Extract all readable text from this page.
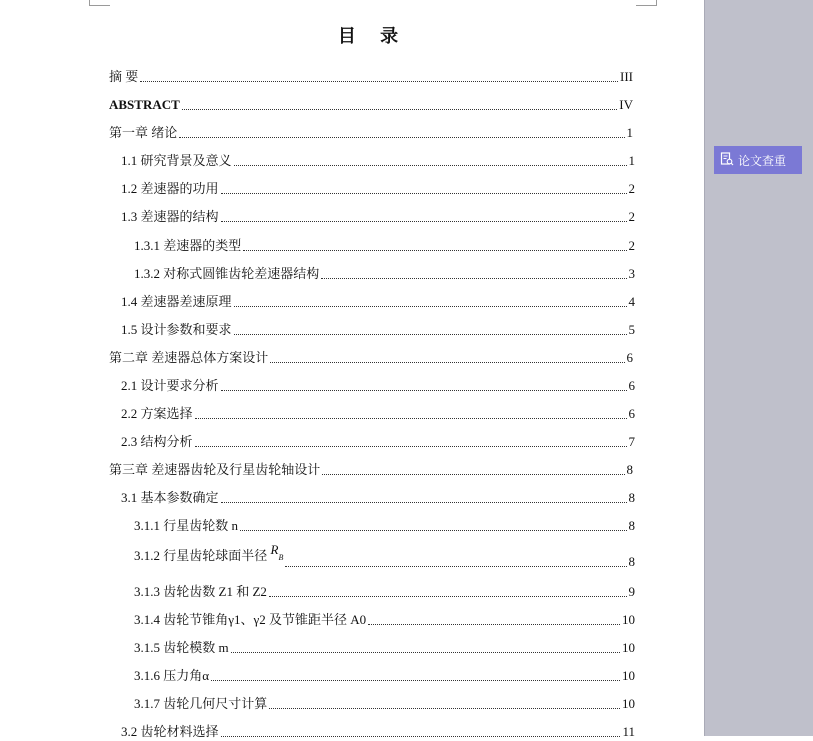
目 录
摘 要	III
ABSTRACT	IV
第一章 绪论	1
1.1 研究背景及意义	1
1.2 差速器的功用	2
1.3 差速器的结构	2
1.3.1 差速器的类型	2
1.3.2 对称式圆锥齿轮差速器结构	3
1.4 差速器差速原理	4
1.5 设计参数和要求	5
第二章 差速器总体方案设计	6
2.1 设计要求分析	6
2.2 方案选择	6
2.3 结构分析	7
第三章 差速器齿轮及行星齿轮轴设计	8
3.1 基本参数确定	8
3.1.1 行星齿轮数 n	8
3.1.2 行星齿轮球面半径 $R_B$	8
3.1.3 齿轮齿数 Z1 和 Z2	9
3.1.4 齿轮节锥角γ1、γ2 及节锥距半径 A0	10
3.1.5 齿轮模数 m	10
3.1.6 压力角α	10
3.1.7 齿轮几何尺寸计算	10
3.2 齿轮材料选择	11
论文查重
